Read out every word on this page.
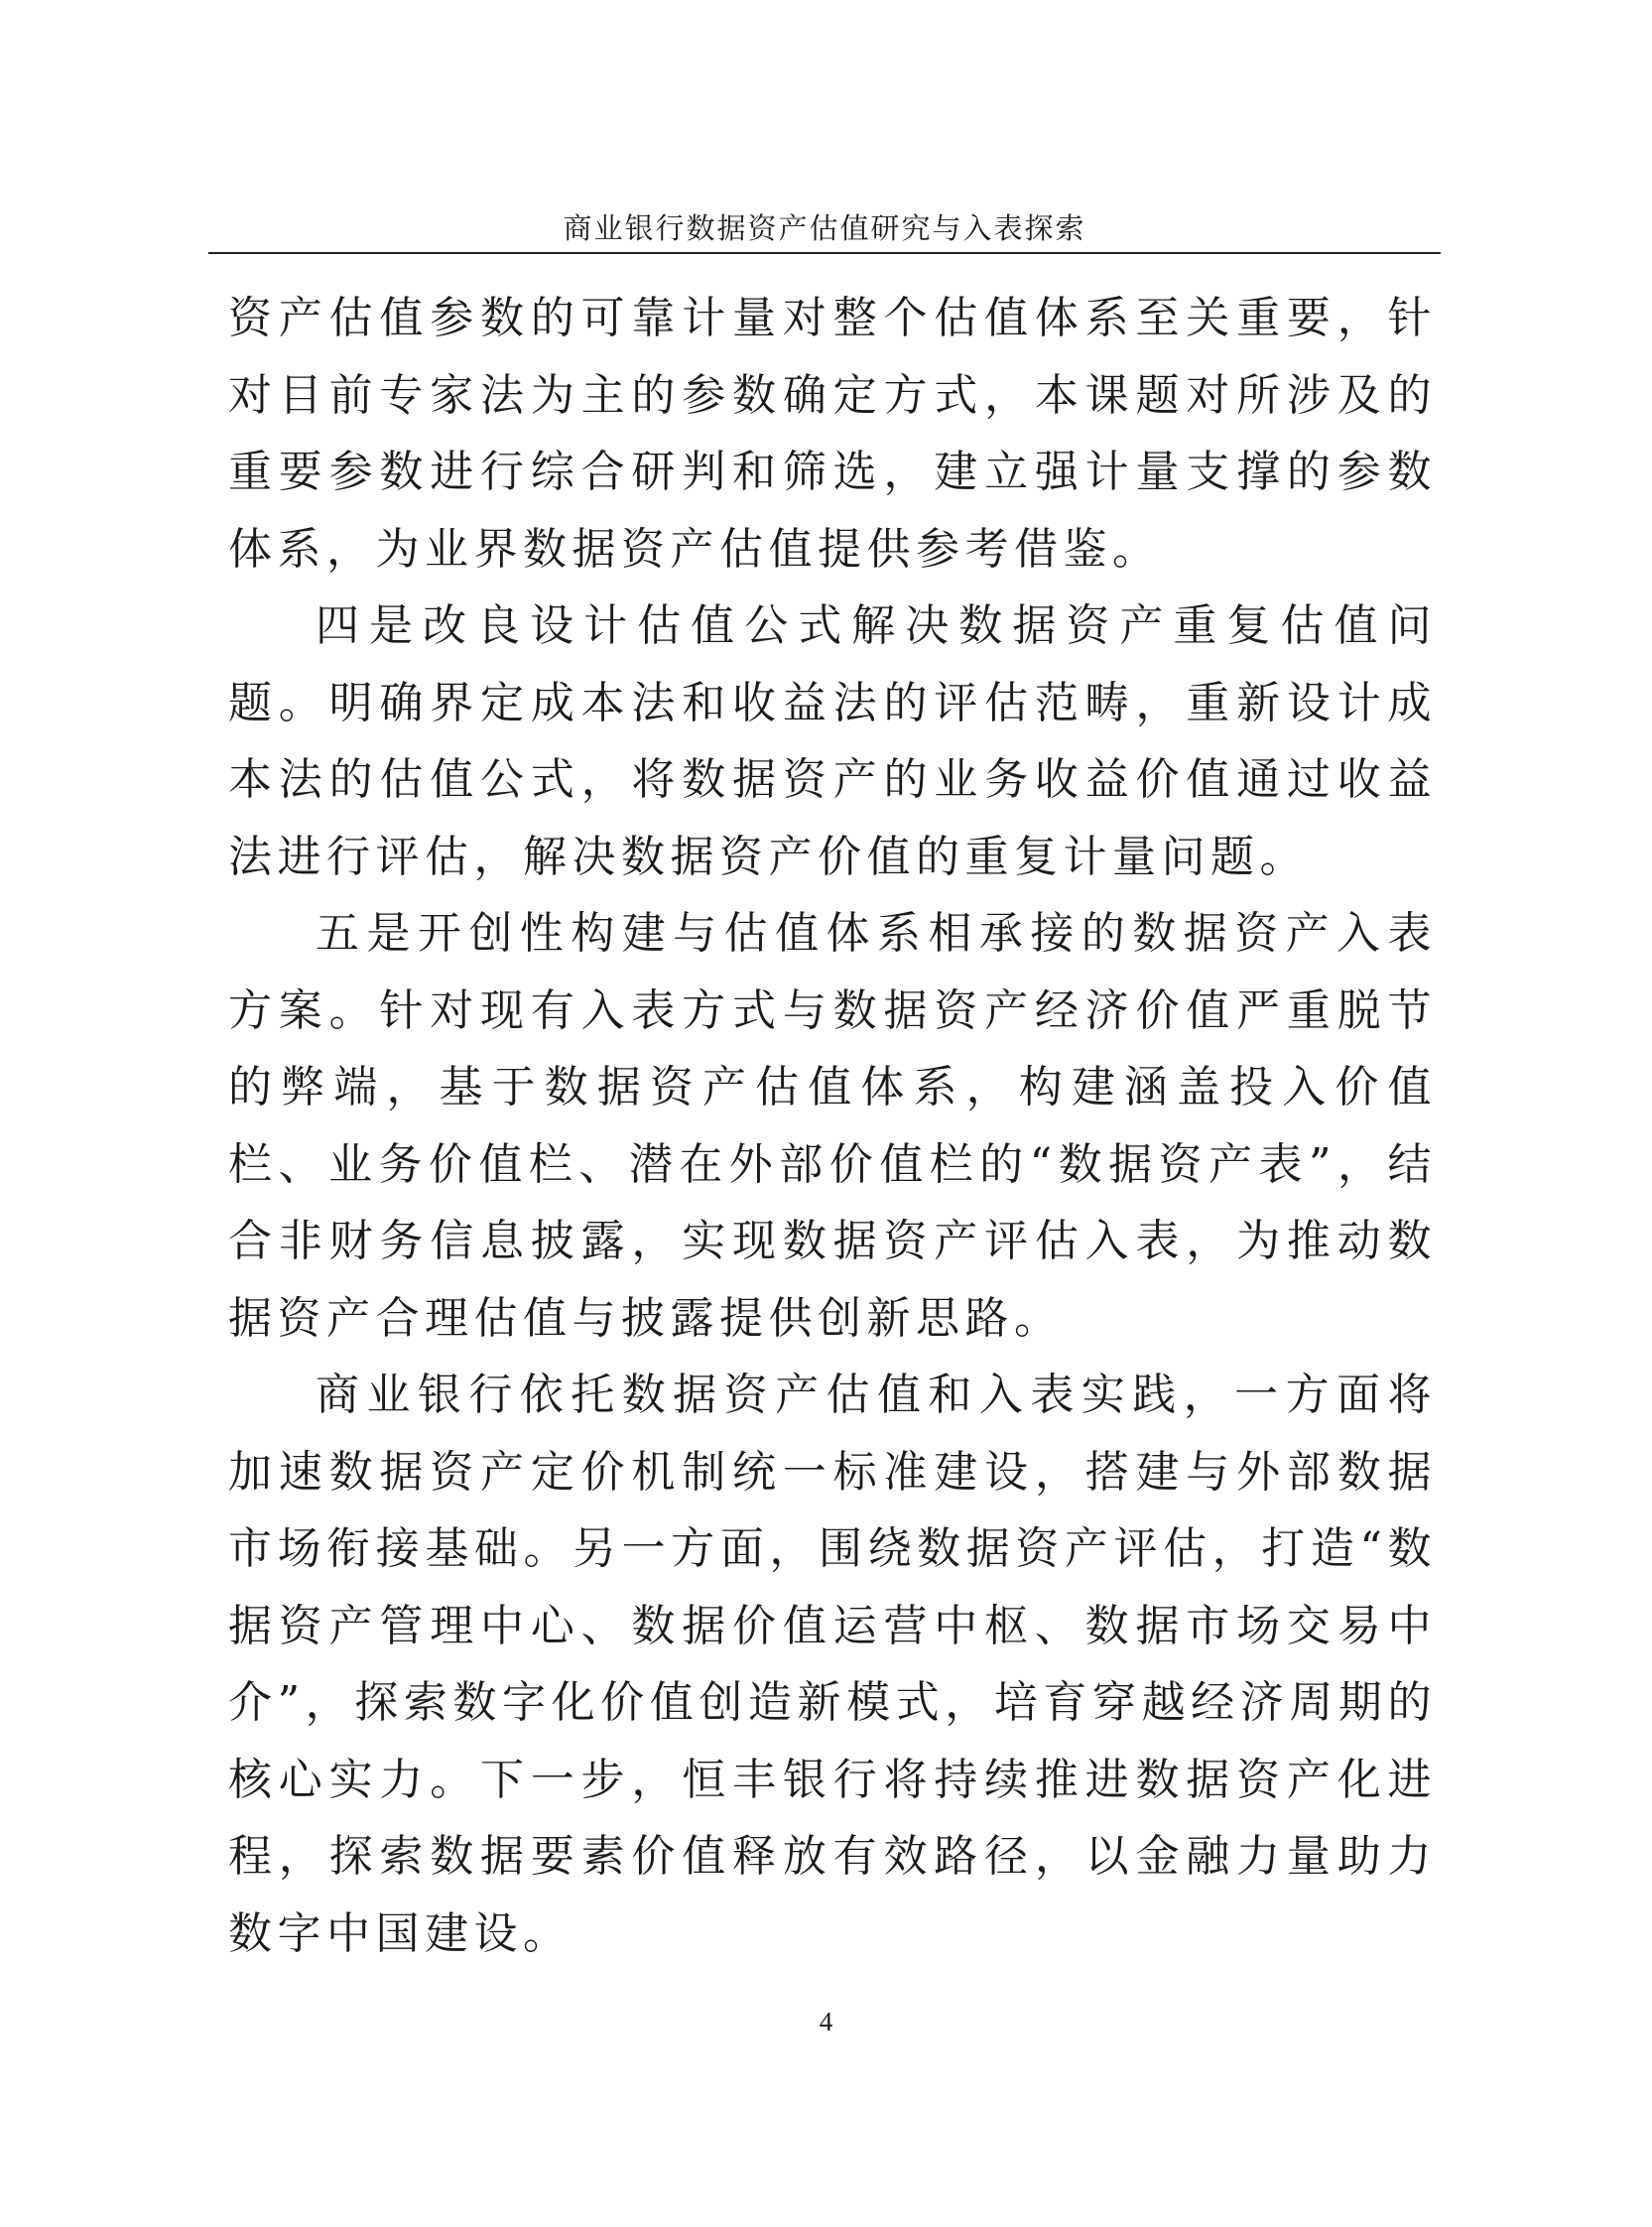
商业银行数据资产估值研究与入表探索

资产估值参数的可靠计量对整个估值体系至关重要，针对目前专家法为主的参数确定方式，本课题对所涉及的重要参数进行综合研判和筛选，建立强计量支撑的参数体系，为业界数据资产估值提供参考借鉴。

四是改良设计估值公式解决数据资产重复估值问题。明确界定成本法和收益法的评估范畴，重新设计成本法的估值公式，将数据资产的业务收益价值通过收益法进行评估，解决数据资产价值的重复计量问题。

五是开创性构建与估值体系相承接的数据资产入表方案。针对现有入表方式与数据资产经济价值严重脱节的弊端，基于数据资产估值体系，构建涵盖投入价值栏、业务价值栏、潜在外部价值栏的“数据资产表”，结合非财务信息披露，实现数据资产评估入表，为推动数据资产合理估值与披露提供创新思路。

商业银行依托数据资产估值和入表实践，一方面将加速数据资产定价机制统一标准建设，搭建与外部数据市场衔接基础。另一方面，围绕数据资产评估，打造“数据资产管理中心、数据价值运营中枢、数据市场交易中介”，探索数字化价值创造新模式，培育穿越经济周期的核心实力。下一步，恒丰银行将持续推进数据资产化进程，探索数据要素价值释放有效路径，以金融力量助力数字中国建设。

4
